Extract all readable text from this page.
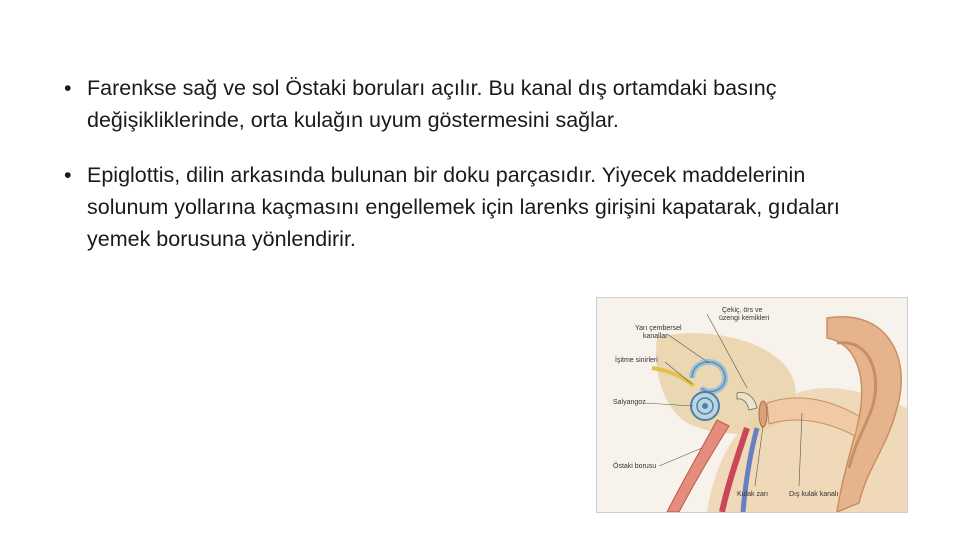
• Farenkse sağ ve sol Östaki boruları açılır. Bu kanal dış ortamdaki basınç değişikliklerinde, orta kulağın uyum göstermesini sağlar.
• Epiglottis, dilin arkasında bulunan bir doku parçasıdır. Yiyecek maddelerinin solunum yollarına kaçmasını engellemek için larenks girişini kapatarak, gıdaları yemek borusuna yönlendirir.
Çekiç, örs ve
üzengi kemikleri
Yarı çembersel
kanallar
İşitme sinirleri
Salyangoz
Östaki borusu
Kulak zarı	Dış kulak kanalı
